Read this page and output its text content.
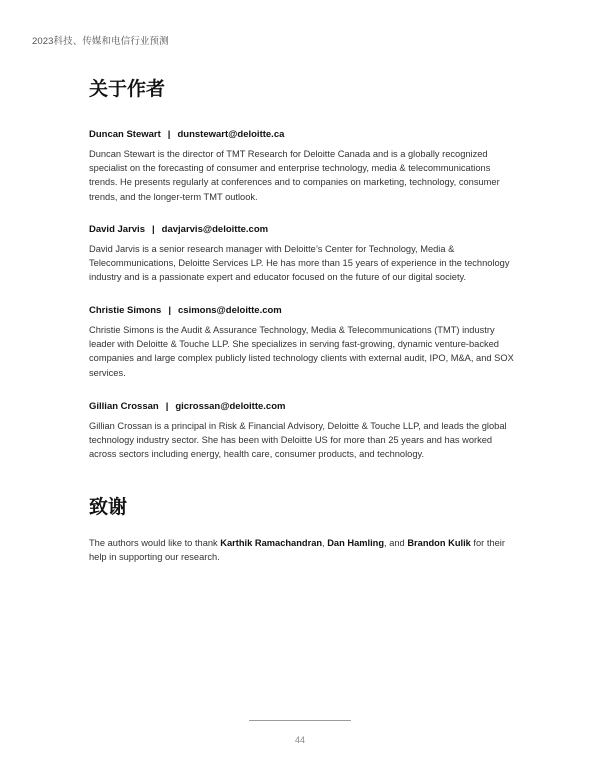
2023科技、传媒和电信行业预测
关于作者
Duncan Stewart | dunstewart@deloitte.ca
Duncan Stewart is the director of TMT Research for Deloitte Canada and is a globally recognized specialist on the forecasting of consumer and enterprise technology, media & telecommunications trends. He presents regularly at conferences and to companies on marketing, technology, consumer trends, and the longer-term TMT outlook.
David Jarvis | davjarvis@deloitte.com
David Jarvis is a senior research manager with Deloitte’s Center for Technology, Media & Telecommunications, Deloitte Services LP. He has more than 15 years of experience in the technology industry and is a passionate expert and educator focused on the future of our digital society.
Christie Simons | csimons@deloitte.com
Christie Simons is the Audit & Assurance Technology, Media & Telecommunications (TMT) industry leader with Deloitte & Touche LLP. She specializes in serving fast-growing, dynamic venture-backed companies and large complex publicly listed technology clients with external audit, IPO, M&A, and SOX services.
Gillian Crossan | gicrossan@deloitte.com
Gillian Crossan is a principal in Risk & Financial Advisory, Deloitte & Touche LLP, and leads the global technology industry sector. She has been with Deloitte US for more than 25 years and has worked across sectors including energy, health care, consumer products, and technology.
致谢
The authors would like to thank Karthik Ramachandran, Dan Hamling, and Brandon Kulik for their help in supporting our research.
44
